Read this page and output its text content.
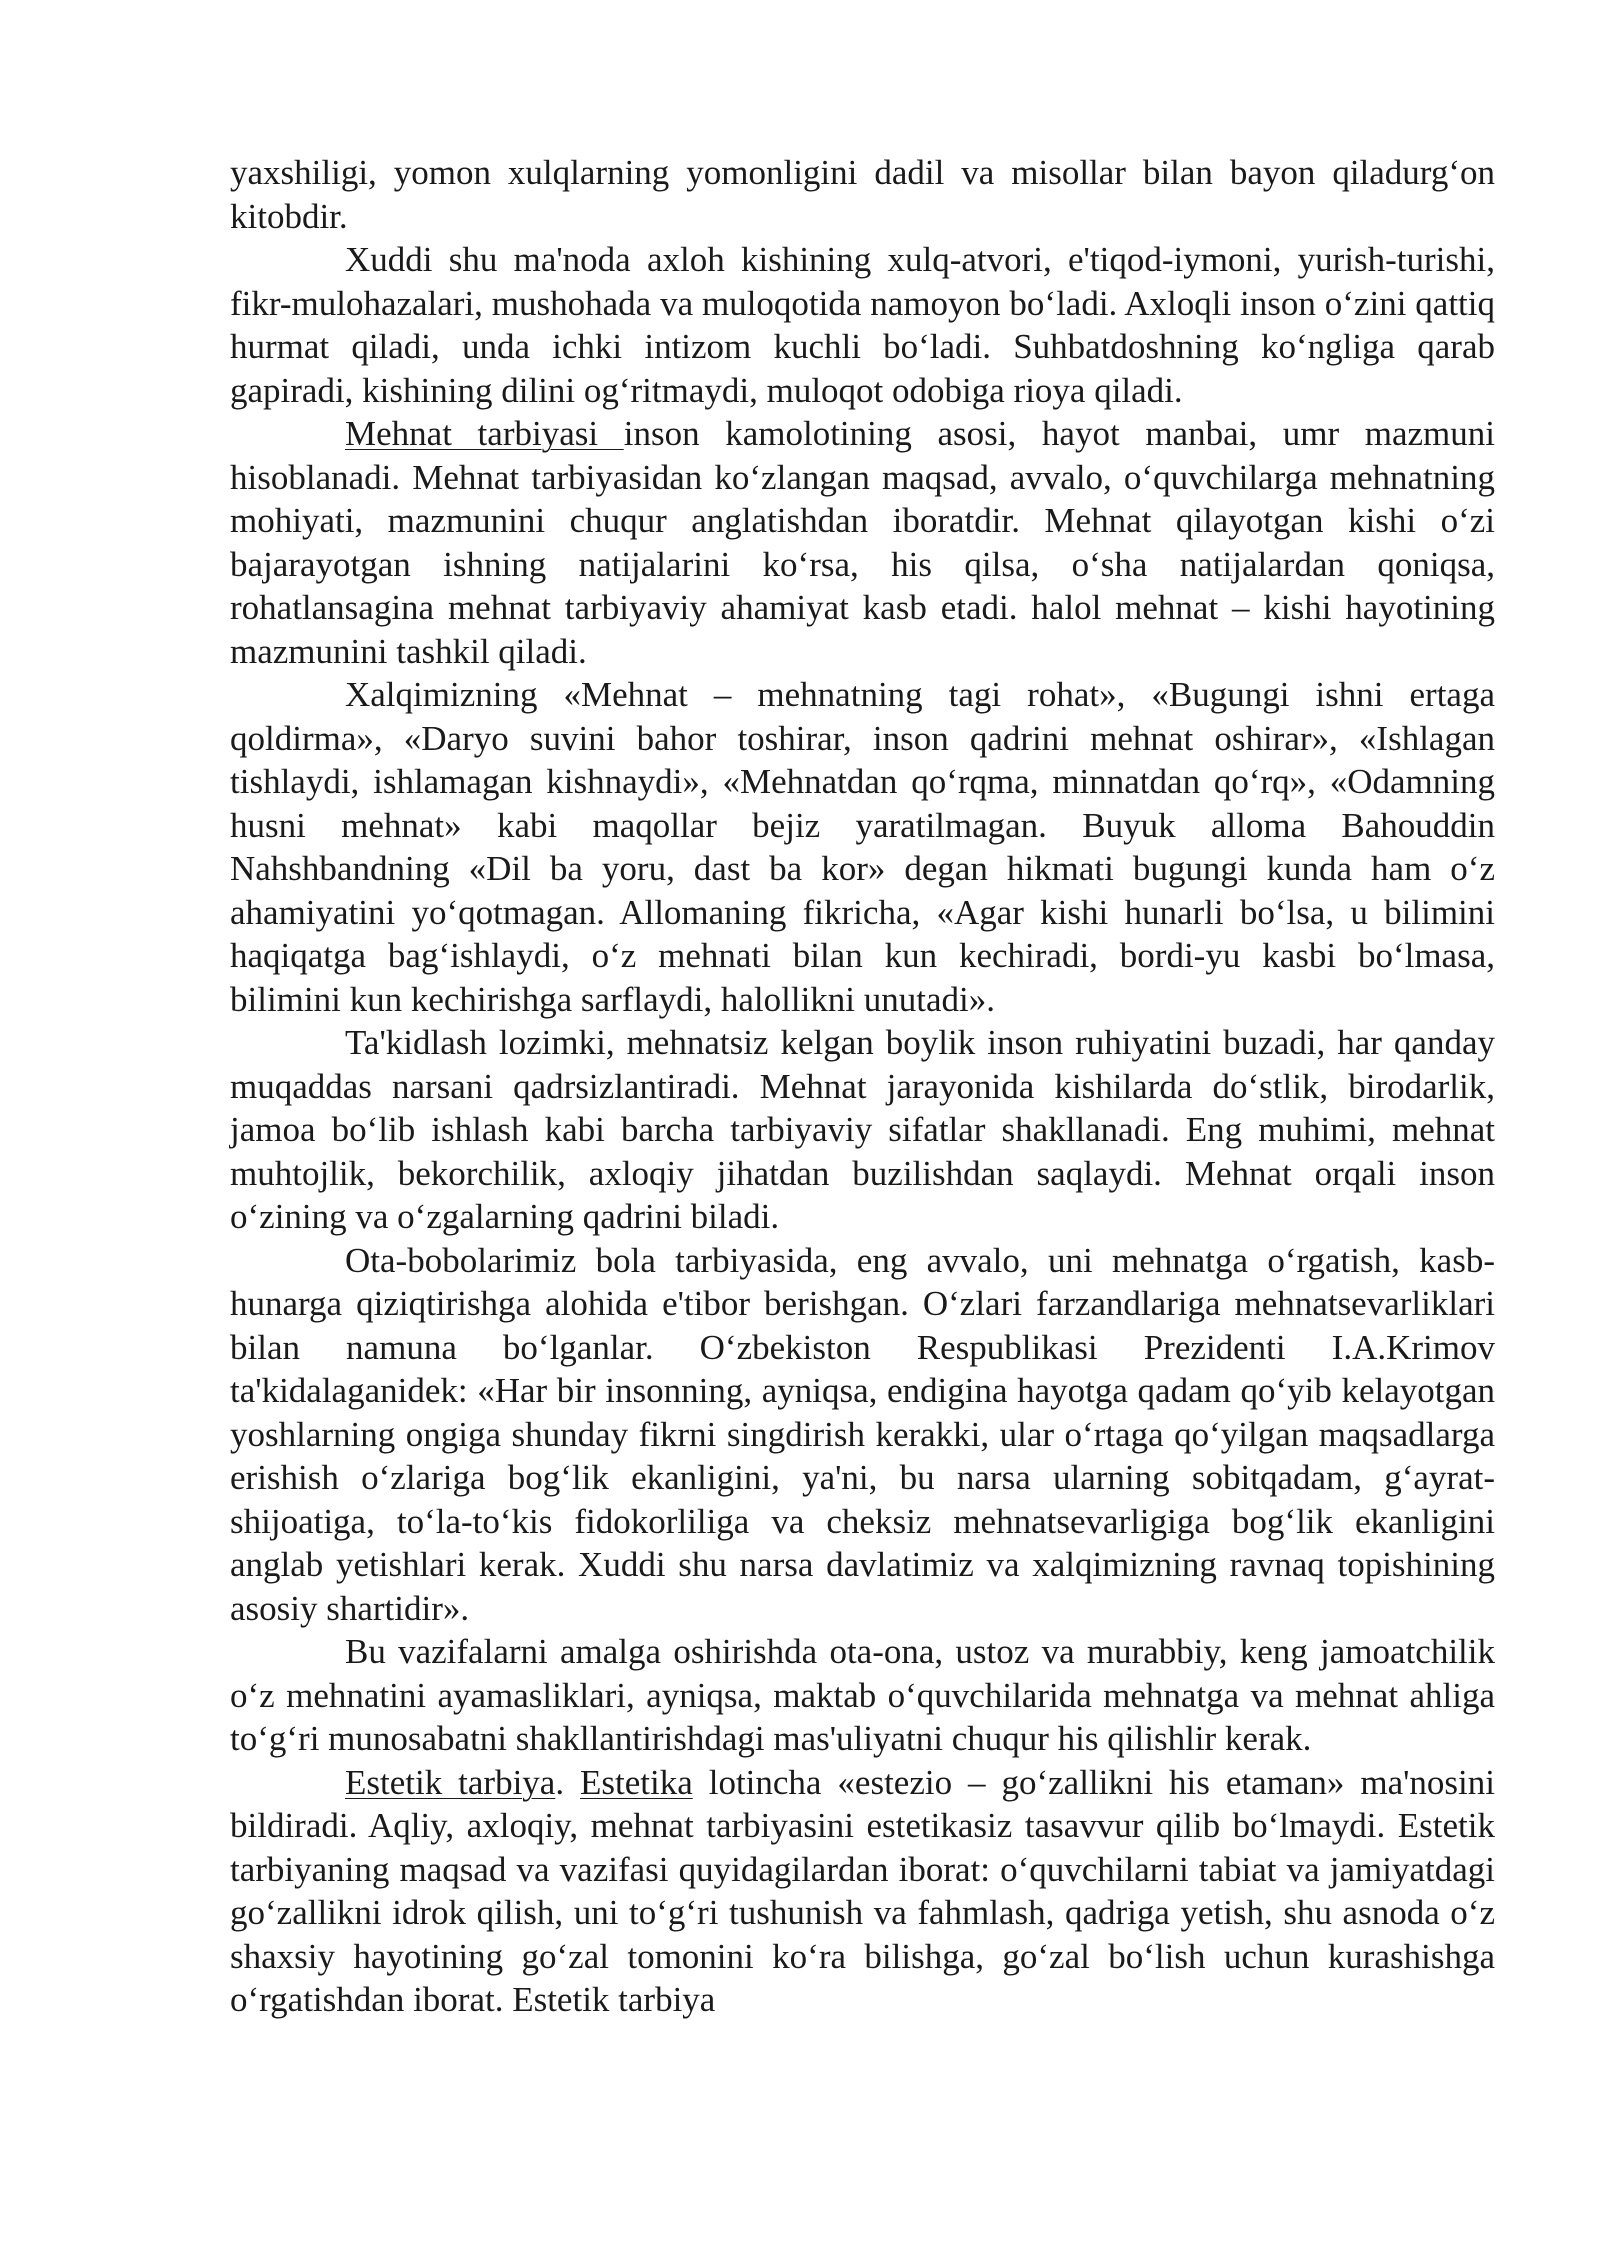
yaxshiligi, yomon xulqlarning yomonligini dadil va misollar bilan bayon qiladurg‘on kitobdir.

Xuddi shu ma'noda axloh kishining xulq-atvori, e'tiqod-iymoni, yurish-turishi, fikr-mulohazalari, mushohada va muloqotida namoyon bo‘ladi. Axloqli inson o‘zini qattiq hurmat qiladi, unda ichki intizom kuchli bo‘ladi. Suhbatdoshning ko‘ngliga qarab gapiradi, kishining dilini og‘ritmaydi, muloqot odobiga rioya qiladi.

Mehnat tarbiyasi inson kamolotining asosi, hayot manbai, umr mazmuni hisoblanadi. Mehnat tarbiyasidan ko‘zlangan maqsad, avvalo, o‘quvchilarga mehnatning mohiyati, mazmunini chuqur anglatishdan iboratdir. Mehnat qilayotgan kishi o‘zi bajarayotgan ishning natijalarini ko‘rsa, his qilsa, o‘sha natijalardan qoniqsa, rohatlansagina mehnat tarbiyaviy ahamiyat kasb etadi. halol mehnat – kishi hayotining mazmunini tashkil qiladi.

Xalqimizning «Mehnat – mehnatning tagi rohat», «Bugungi ishni ertaga qoldirma», «Daryo suvini bahor toshirar, inson qadrini mehnat oshirar», «Ishlagan tishlaydi, ishlamagan kishnaydi», «Mehnatdan qo‘rqma, minnatdan qo‘rq», «Odamning husni mehnat» kabi maqollar bejiz yaratilmagan. Buyuk alloma Bahouddin Nahshbandning «Dil ba yoru, dast ba kor» degan hikmati bugungi kunda ham o‘z ahamiyatini yo‘qotmagan. Allomaning fikricha, «Agar kishi hunarli bo‘lsa, u bilimini haqiqatga bag‘ishlaydi, o‘z mehnati bilan kun kechiradi, bordi-yu kasbi bo‘lmasa, bilimini kun kechirishga sarflaydi, halollikni unutadi».

Ta'kidlash lozimki, mehnatsiz kelgan boylik inson ruhiyatini buzadi, har qanday muqaddas narsani qadrsizlantiradi. Mehnat jarayonida kishilarda do‘stlik, birodarlik, jamoa bo‘lib ishlash kabi barcha tarbiyaviy sifatlar shakllanadi. Eng muhimi, mehnat muhtojlik, bekorchilik, axloqiy jihatdan buzilishdan saqlaydi. Mehnat orqali inson o‘zining va o‘zgalarning qadrini biladi.

Ota-bobolarimiz bola tarbiyasida, eng avvalo, uni mehnatga o‘rgatish, kasb-hunarga qiziqtirishga alohida e'tibor berishgan. O‘zlari farzandlariga mehnatsevarliklari bilan namuna bo‘lganlar. O‘zbekiston Respublikasi Prezidenti I.A.Krimov ta'kidalaganidek: «Har bir insonning, ayniqsa, endigina hayotga qadam qo‘yib kelayotgan yoshlarning ongiga shunday fikrni singdirish kerakki, ular o‘rtaga qo‘yilgan maqsadlarga erishish o‘zlariga bog‘lik ekanligini, ya'ni, bu narsa ularning sobitqadam, g‘ayrat-shijoatiga, to‘la-to‘kis fidokorliliga va cheksiz mehnatsevarligiga bog‘lik ekanligini anglab yetishlari kerak. Xuddi shu narsa davlatimiz va xalqimizning ravnaq topishining asosiy shartidir».

Bu vazifalarni amalga oshirishda ota-ona, ustoz va murabbiy, keng jamoatchilik o‘z mehnatini ayamasliklari, ayniqsa, maktab o‘quvchilarida mehnatga va mehnat ahliga to‘g‘ri munosabatni shakllantirishdagi mas'uliyatni chuqur his qilishlir kerak.

Estetik tarbiya. Estetika lotincha «estezio – go‘zallikni his etaman» ma'nosini bildiradi. Aqliy, axloqiy, mehnat tarbiyasini estetikasiz tasavvur qilib bo‘lmaydi. Estetik tarbiyaning maqsad va vazifasi quyidagilardan iborat: o‘quvchilarni tabiat va jamiyatdagi go‘zallikni idrok qilish, uni to‘g‘ri tushunish va fahmlash, qadriga yetish, shu asnoda o‘z shaxsiy hayotining go‘zal tomonini ko‘ra bilishga, go‘zal bo‘lish uchun kurashishga o‘rgatishdan iborat. Estetik tarbiya
